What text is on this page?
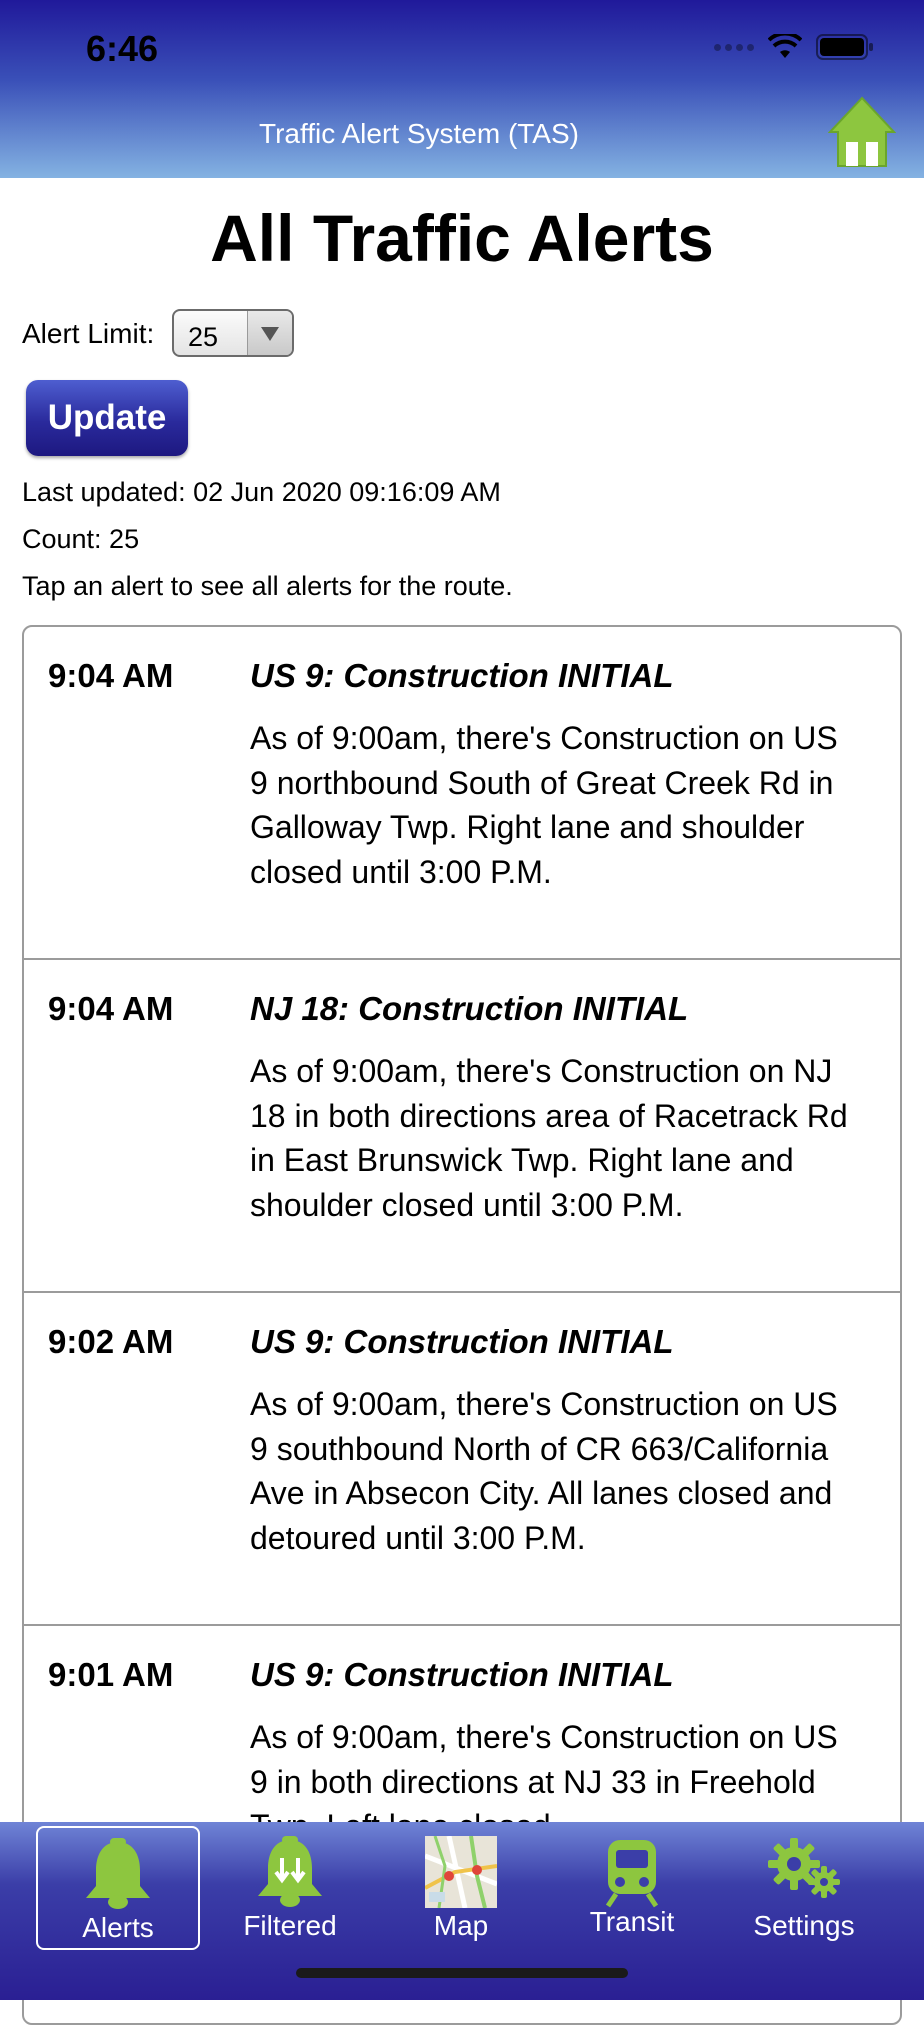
6:46
Traffic Alert System (TAS)
All Traffic Alerts
Alert Limit: 25
Update
Last updated: 02 Jun 2020 09:16:09 AM
Count: 25
Tap an alert to see all alerts for the route.
9:04 AM US 9: Construction INITIAL
As of 9:00am, there's Construction on US 9 northbound South of Great Creek Rd in Galloway Twp. Right lane and shoulder closed until 3:00 P.M.
9:04 AM NJ 18: Construction INITIAL
As of 9:00am, there's Construction on NJ 18 in both directions area of Racetrack Rd in East Brunswick Twp. Right lane and shoulder closed until 3:00 P.M.
9:02 AM US 9: Construction INITIAL
As of 9:00am, there's Construction on US 9 southbound North of CR 663/California Ave in Absecon City. All lanes closed and detoured until 3:00 P.M.
9:01 AM US 9: Construction INITIAL
As of 9:00am, there's Construction on US 9 in both directions at NJ 33 in Freehold
Alerts	Filtered	Map	Transit	Settings
